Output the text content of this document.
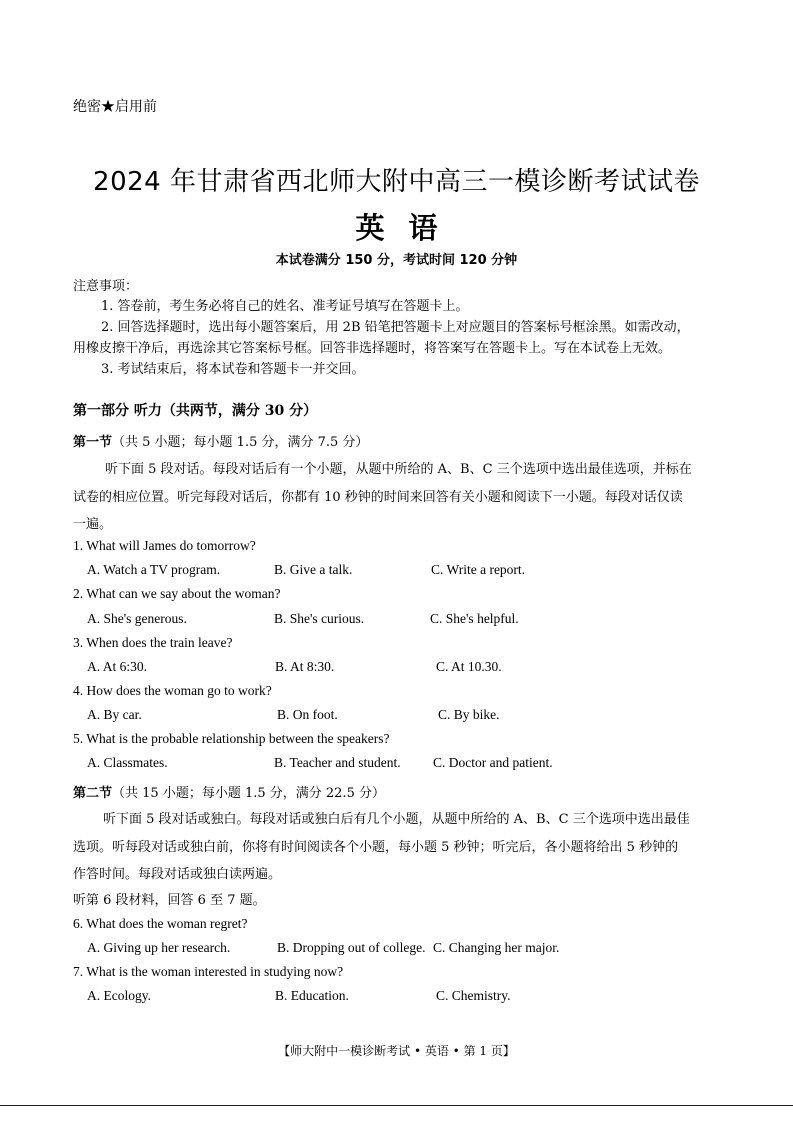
绝密★启用前
2024 年甘肃省西北师大附中高三一模诊断考试试卷
英语
本试卷满分 150 分，考试时间 120 分钟
注意事项：
1. 答卷前，考生务必将自己的姓名、准考证号填写在答题卡上。
2. 回答选择题时，选出每小题答案后，用 2B 铅笔把答题卡上对应题目的答案标号框涂黑。如需改动，
用橡皮擦干净后，再选涂其它答案标号框。回答非选择题时，将答案写在答题卡上。写在本试卷上无效。
3. 考试结束后，将本试卷和答题卡一并交回。
第一部分 听力（共两节，满分 30 分）
第一节（共 5 小题；每小题 1.5 分，满分 7.5 分）
听下面 5 段对话。每段对话后有一个小题，从题中所给的 A、B、C 三个选项中选出最佳选项，并标在
试卷的相应位置。听完每段对话后，你都有 10 秒钟的时间来回答有关小题和阅读下一小题。每段对话仅读
一遍。
1. What will James do tomorrow?
A. Watch a TV program.	B. Give a talk.	C. Write a report.
2. What can we say about the woman?
A. She's generous.	B. She's curious.	C. She's helpful.
3. When does the train leave?
A. At 6:30.	B. At 8:30.	C. At 10.30.
4. How does the woman go to work?
A. By car.	B. On foot.	C. By bike.
5. What is the probable relationship between the speakers?
A. Classmates.	B. Teacher and student. C. Doctor and patient.
第二节（共 15 小题；每小题 1.5 分，满分 22.5 分）
听下面 5 段对话或独白。每段对话或独白后有几个小题，从题中所给的 A、B、C 三个选项中选出最佳
选项。听每段对话或独白前，你将有时间阅读各个小题，每小题 5 秒钟；听完后，各小题将给出 5 秒钟的
作答时间。每段对话或独白读两遍。
听第 6 段材料，回答 6 至 7 题。
6. What does the woman regret?
A. Giving up her research.	B. Dropping out of college. C. Changing her major.
7. What is the woman interested in studying now?
A. Ecology.	B. Education.	C. Chemistry.
【师大附中一模诊断考试 • 英语 • 第 1 页】
